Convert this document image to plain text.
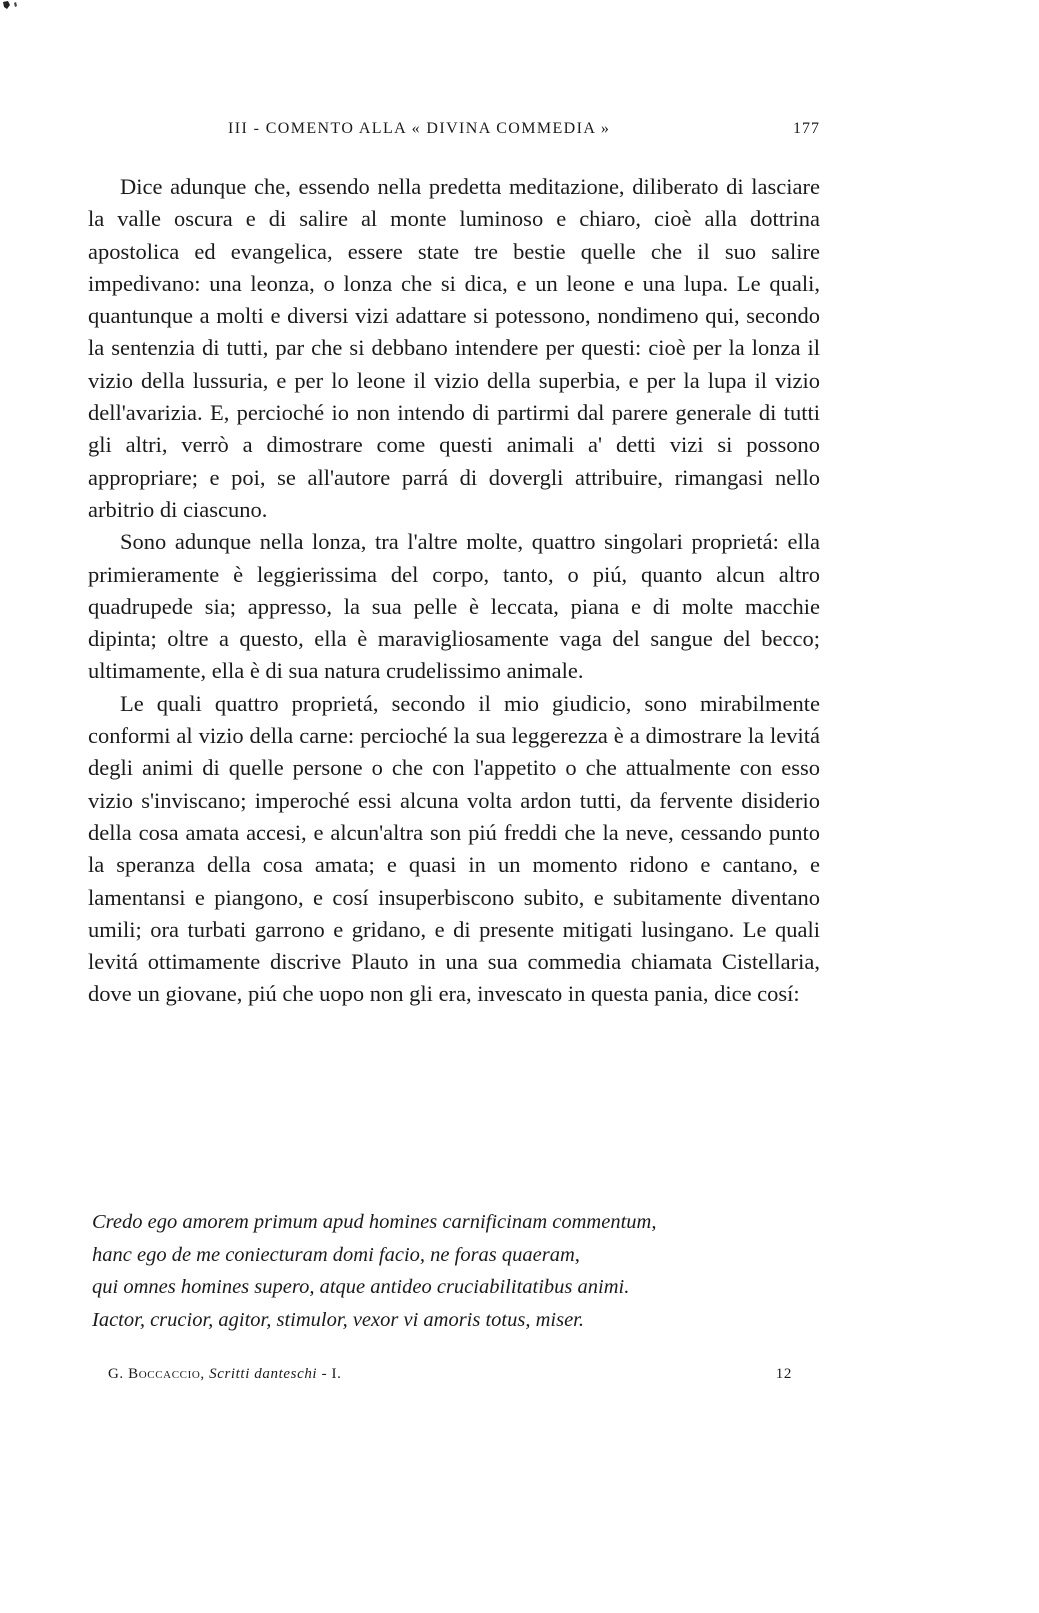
III - COMENTO ALLA « DIVINA COMMEDIA »	177

Dice adunque che, essendo nella predetta meditazione, diliberato di lasciare la valle oscura e di salire al monte luminoso e chiaro, cioè alla dottrina apostolica ed evangelica, essere state tre bestie quelle che il suo salire impedivano: una leonza, o lonza che si dica, e un leone e una lupa. Le quali, quantunque a molti e diversi vizi adattare si potessono, nondimeno qui, secondo la sentenzia di tutti, par che si debbano intendere per questi: cioè per la lonza il vizio della lussuria, e per lo leone il vizio della superbia, e per la lupa il vizio dell'avarizia. E, percioché io non intendo di partirmi dal parere generale di tutti gli altri, verrò a dimostrare come questi animali a' detti vizi si possono appropriare; e poi, se all'autore parrá di dovergli attribuire, rimangasi nello arbitrio di ciascuno.

Sono adunque nella lonza, tra l'altre molte, quattro singolari proprietá: ella primieramente è leggierissima del corpo, tanto, o piú, quanto alcun altro quadrupede sia; appresso, la sua pelle è leccata, piana e di molte macchie dipinta; oltre a questo, ella è maravigliosamente vaga del sangue del becco; ultimamente, ella è di sua natura crudelissimo animale.

Le quali quattro proprietá, secondo il mio giudicio, sono mirabilmente conformi al vizio della carne: percioché la sua leggerezza è a dimostrare la levitá degli animi di quelle persone o che con l'appetito o che attualmente con esso vizio s'inviscano; imperoché essi alcuna volta ardon tutti, da fervente disiderio della cosa amata accesi, e alcun'altra son piú freddi che la neve, cessando punto la speranza della cosa amata; e quasi in un momento ridono e cantano, e lamentansi e piangono, e cosí insuperbiscono subito, e subitamente diventano umili; ora turbati garrono e gridano, e di presente mitigati lusingano. Le quali levitá ottimamente discrive Plauto in una sua commedia chiamata Cistellaria, dove un giovane, piú che uopo non gli era, invescato in questa pania, dice cosí:

Credo ego amorem primum apud homines carnificinam commentum,
hanc ego de me coniecturam domi facio, ne foras quaeram,
qui omnes homines supero, atque antideo cruciabilitatibus animi.
Iactor, crucior, agitor, stimulor, vexor vi amoris totus, miser.
G. Boccaccio, Scritti danteschi - I.	12
